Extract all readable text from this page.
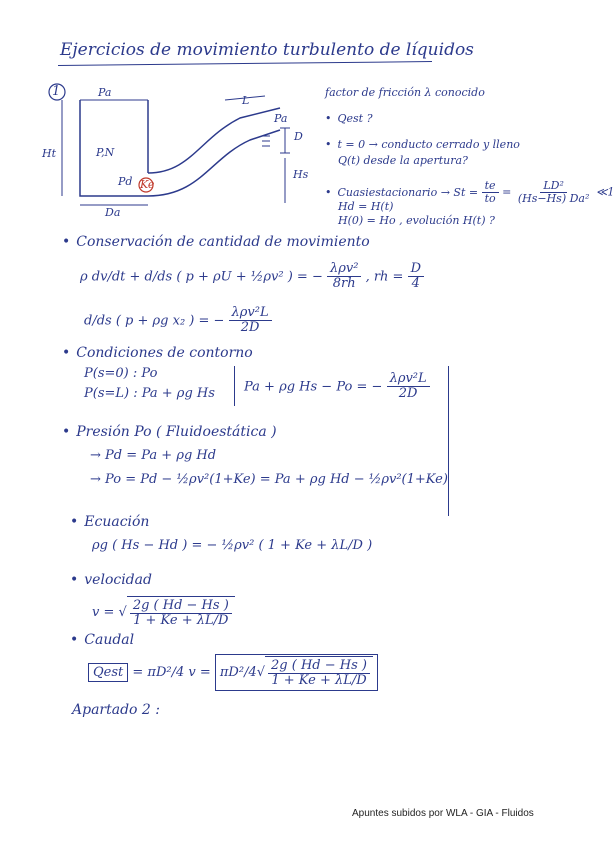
Ejercicios de movimiento turbulento de líquidos
1	Pa
L
Pa
D
Ht	P,N
Pd Ke
Da
Hs
factor de fricción λ conocido
• Qest ?
• t = 0 → conducto cerrado y lleno
Q(t) desde la apertura?
• Cuasiestacionario → $St = \frac{te}{to} = \frac{\text{LD²}}{\text{(Hs−Hs) Da²}}$ ≪1
Hd = H(t)
H(0) = Ho , evolución H(t) ?
• Conservación de cantidad de movimiento
ρ dv/dt + d/ds ( p + ρU + ½ρv² ) = − $\frac{\text{λρv²}}{8rh}$ , rh = $\frac{D}{4}$
d/ds ( p + ρg x₂ ) = − $\frac{\text{λρv²L}}{2D}$
• Condiciones de contorno
P(s=0) : Po
P(s=L) : Pa + ρg Hs Pa + ρg Hs − Po = − $\frac{\text{λρv²L}}{2D}$
• Presión Po ( Fluidoestática )
→ Pd = Pa + ρg Hd
→ Po = Pd − ½ρv²(1+Ke) = Pa + ρg Hd − ½ρv²(1+Ke)
• Ecuación
ρg ( Hs − Hd ) = − ½ρv² ( 1 + Ke + λL/D )
• velocidad
v = √ $\frac{2g ( Hd - Hs )}{1 + Ke + \lambda L/D}$
• Caudal
Qest = πD²/4 v = πD²/4 √ $\frac{2g ( Hd - Hs )}{1 + Ke + \lambda L/D}$
Apartado 2 :
Apuntes subidos por WLA - GIA - Fluidos
